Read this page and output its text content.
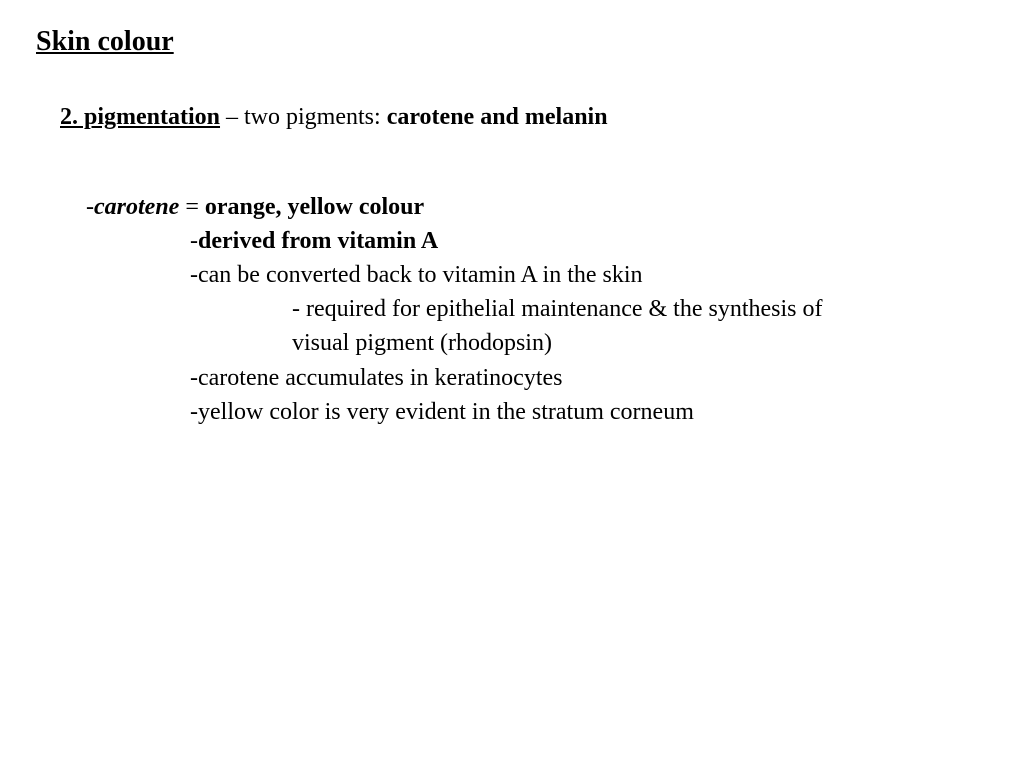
Skin colour
2. pigmentation – two pigments: carotene and melanin
-carotene = orange, yellow colour
-derived from vitamin A
-can be converted back to vitamin A in the skin
- required for epithelial maintenance & the synthesis of
visual pigment (rhodopsin)
-carotene accumulates in keratinocytes
-yellow color is very evident in the stratum corneum
